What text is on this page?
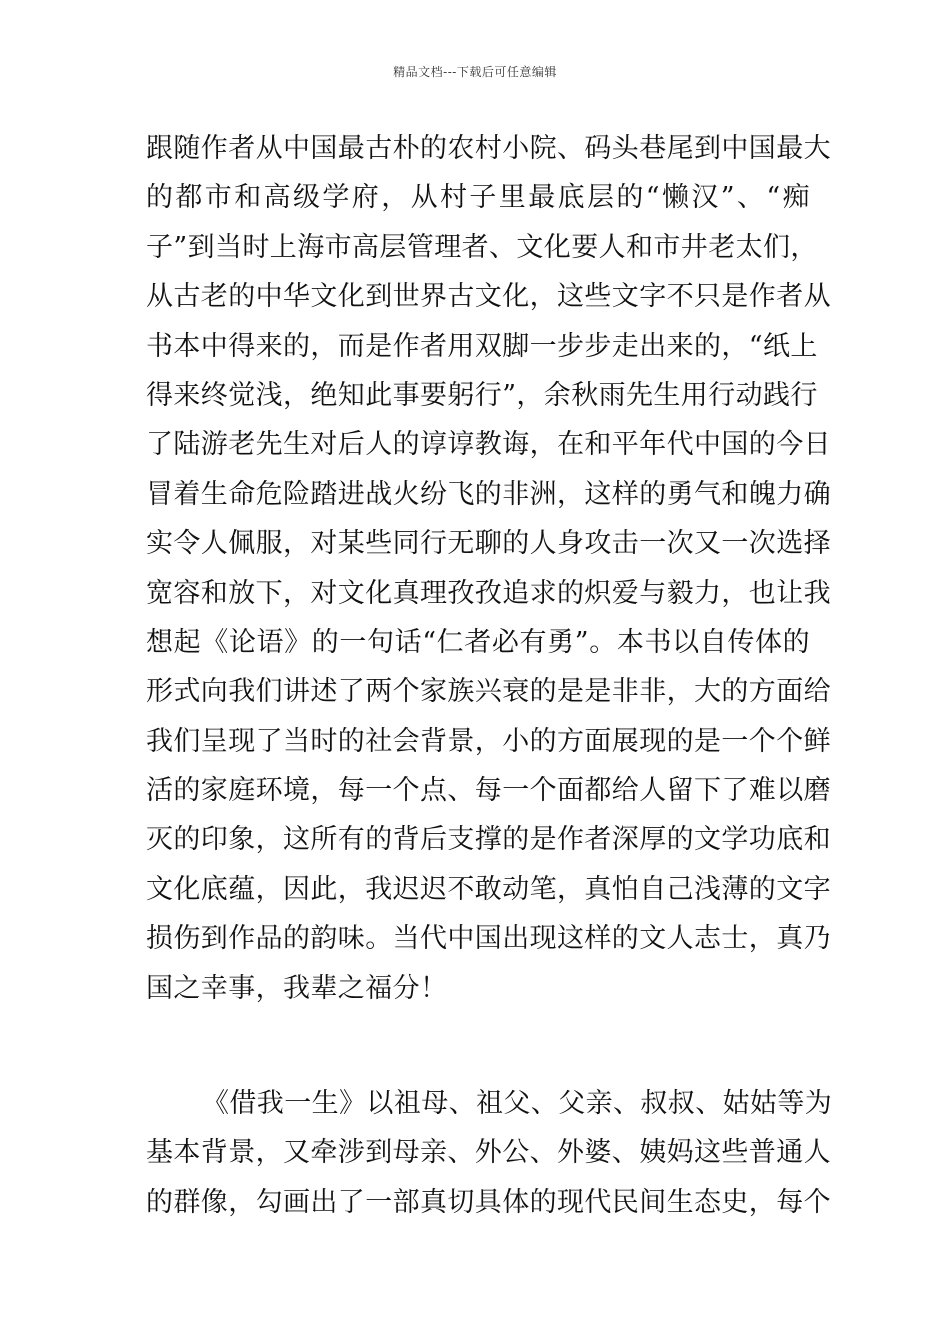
精品文档---下载后可任意编辑
跟随作者从中国最古朴的农村小院、码头巷尾到中国最大
的都市和高级学府，从村子里最底层的“懒汉”、“痴
子”到当时上海市高层管理者、文化要人和市井老太们，
从古老的中华文化到世界古文化，这些文字不只是作者从
书本中得来的，而是作者用双脚一步步走出来的，“纸上
得来终觉浅，绝知此事要躬行”，余秋雨先生用行动践行
了陆游老先生对后人的谆谆教诲，在和平年代中国的今日
冒着生命危险踏进战火纷飞的非洲，这样的勇气和魄力确
实令人佩服，对某些同行无聊的人身攻击一次又一次选择
宽容和放下，对文化真理孜孜追求的炽爱与毅力，也让我
想起《论语》的一句话“仁者必有勇”。本书以自传体的
形式向我们讲述了两个家族兴衰的是是非非，大的方面给
我们呈现了当时的社会背景，小的方面展现的是一个个鲜
活的家庭环境，每一个点、每一个面都给人留下了难以磨
灭的印象，这所有的背后支撑的是作者深厚的文学功底和
文化底蕴，因此，我迟迟不敢动笔，真怕自己浅薄的文字
损伤到作品的韵味。当代中国出现这样的文人志士，真乃
国之幸事，我辈之福分！
《借我一生》以祖母、祖父、父亲、叔叔、姑姑等为
基本背景，又牵涉到母亲、外公、外婆、姨妈这些普通人
的群像，勾画出了一部真切具体的现代民间生态史，每个
